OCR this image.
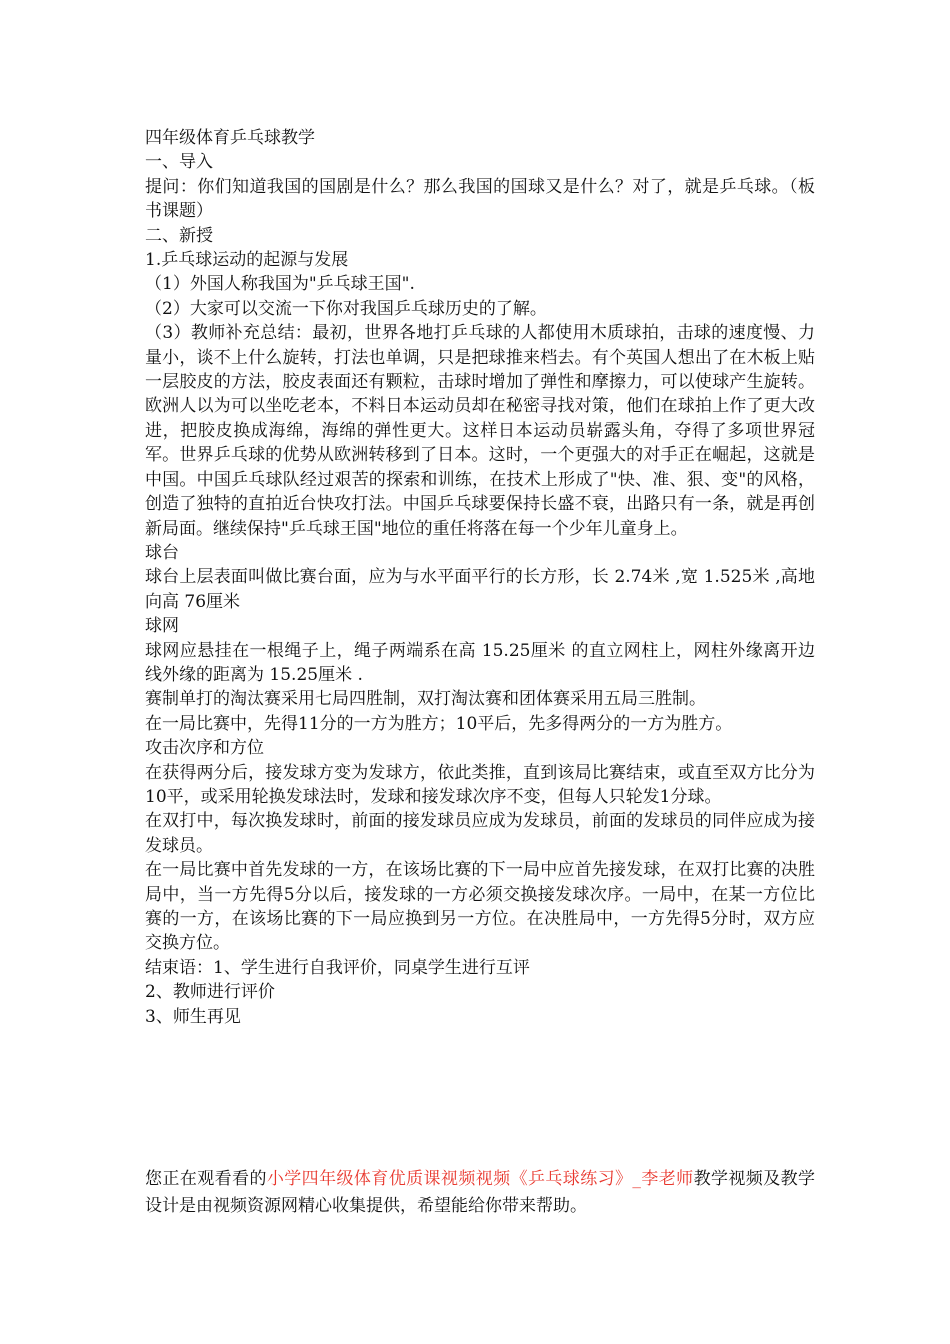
四年级体育乒乓球教学

一、导入

提问：你们知道我国的国剧是什么？那么我国的国球又是什么？对了，就是乒乓球。（板书课题）

二、新授

1.乒乓球运动的起源与发展

（1）外国人称我国为"乒乓球王国".

（2）大家可以交流一下你对我国乒乓球历史的了解。

（3）教师补充总结：最初，世界各地打乒乓球的人都使用木质球拍，击球的速度慢、力量小，谈不上什么旋转，打法也单调，只是把球推来档去。有个英国人想出了在木板上贴一层胶皮的方法，胶皮表面还有颗粒，击球时增加了弹性和摩擦力，可以使球产生旋转。欧洲人以为可以坐吃老本，不料日本运动员却在秘密寻找对策，他们在球拍上作了更大改进，把胶皮换成海绵，海绵的弹性更大。这样日本运动员崭露头角，夺得了多项世界冠军。世界乒乓球的优势从欧洲转移到了日本。这时，一个更强大的对手正在崛起，这就是中国。中国乒乓球队经过艰苦的探索和训练，在技术上形成了"快、准、狠、变"的风格，创造了独特的直拍近台快攻打法。中国乒乓球要保持长盛不衰，出路只有一条，就是再创新局面。继续保持"乒乓球王国"地位的重任将落在每一个少年儿童身上。

球台

球台上层表面叫做比赛台面，应为与水平面平行的长方形，长 2.74米 ,宽 1.525米 ,高地向高 76厘米

球网

球网应悬挂在一根绳子上，绳子两端系在高 15.25厘米 的直立网柱上，网柱外缘离开边线外缘的距离为 15.25厘米 .

赛制单打的淘汰赛采用七局四胜制，双打淘汰赛和团体赛采用五局三胜制。

在一局比赛中，先得11分的一方为胜方；10平后，先多得两分的一方为胜方。

攻击次序和方位

在获得两分后，接发球方变为发球方，依此类推，直到该局比赛结束，或直至双方比分为10平，或采用轮换发球法时，发球和接发球次序不变，但每人只轮发1分球。

在双打中，每次换发球时，前面的接发球员应成为发球员，前面的发球员的同伴应成为接发球员。

在一局比赛中首先发球的一方，在该场比赛的下一局中应首先接发球，在双打比赛的决胜局中，当一方先得5分以后，接发球的一方必须交换接发球次序。一局中，在某一方位比赛的一方，在该场比赛的下一局应换到另一方位。在决胜局中，一方先得5分时，双方应交换方位。

结束语：1、学生进行自我评价，同桌学生进行互评

2、教师进行评价

3、师生再见

您正在观看看的小学四年级体育优质课视频视频《乒乓球练习》_李老师教学视频及教学设计是由视频资源网精心收集提供，希望能给你带来帮助。
